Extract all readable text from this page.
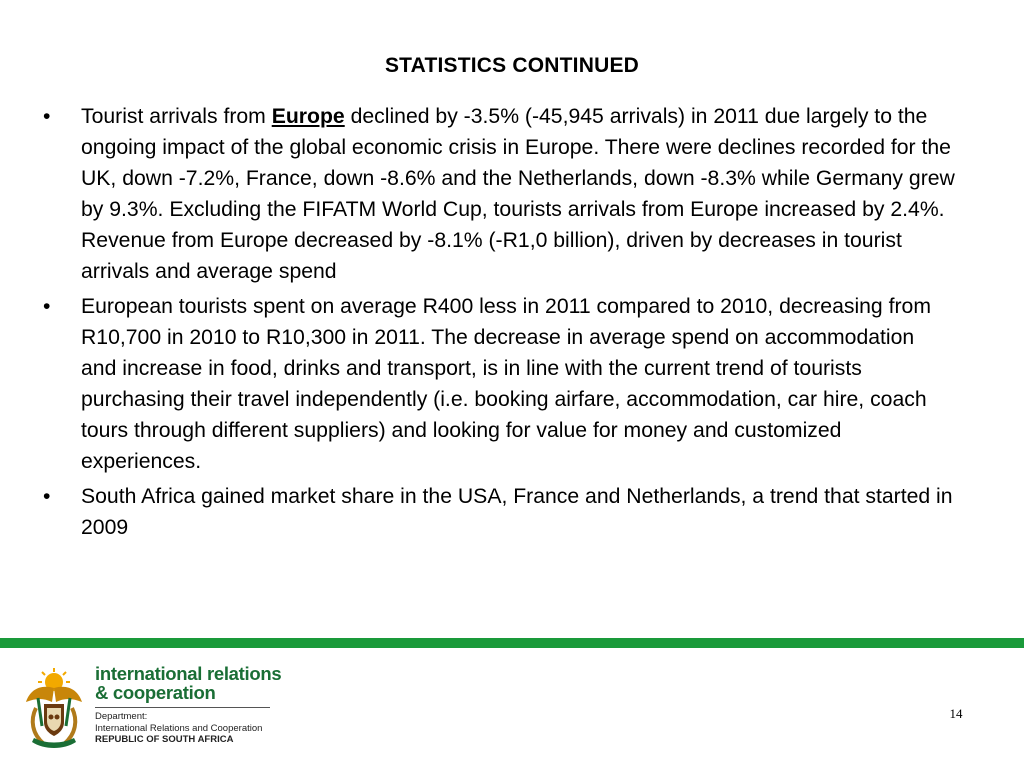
STATISTICS CONTINUED
• Tourist arrivals from Europe declined by -3.5% (-45,945 arrivals) in 2011 due largely to the ongoing impact of the global economic crisis in Europe. There were declines recorded for the UK, down -7.2%, France, down -8.6% and the Netherlands, down -8.3% while Germany grew by 9.3%. Excluding the FIFATM World Cup, tourists arrivals from Europe increased by 2.4%. Revenue from Europe decreased by -8.1% (-R1,0 billion), driven by decreases in tourist arrivals and average spend
• European tourists spent on average R400 less in 2011 compared to 2010, decreasing from R10,700 in 2010 to R10,300 in 2011. The decrease in average spend on accommodation and increase in food, drinks and transport, is in line with the current trend of tourists purchasing their travel independently (i.e. booking airfare, accommodation, car hire, coach tours through different suppliers) and looking for value for money and customized experiences.
• South Africa gained market share in the USA, France and Netherlands, a trend that started in 2009
international relations
& cooperation
Department:
International Relations and Cooperation
REPUBLIC OF SOUTH AFRICA
14
